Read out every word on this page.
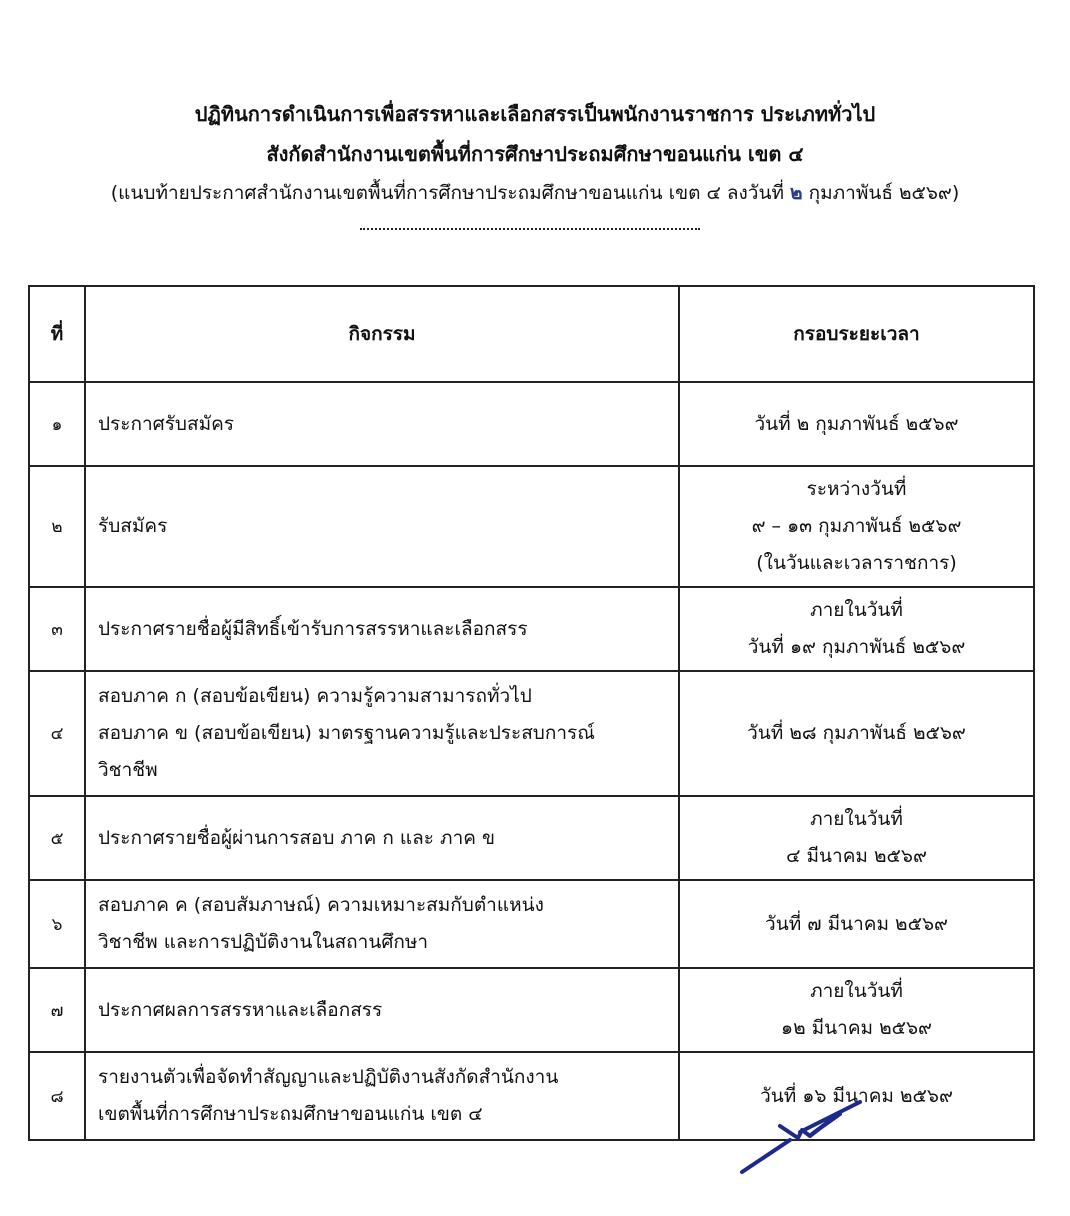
ปฏิทินการดำเนินการเพื่อสรรหาและเลือกสรรเป็นพนักงานราชการ ประเภททั่วไป
สังกัดสำนักงานเขตพื้นที่การศึกษาประถมศึกษาขอนแก่น เขต ๔
(แนบท้ายประกาศสำนักงานเขตพื้นที่การศึกษาประถมศึกษาขอนแก่น เขต ๔ ลงวันที่ ๒ กุมภาพันธ์ ๒๕๖๙)
ที่	กิจกรรม	กรอบระยะเวลา
๑	ประกาศรับสมัคร	วันที่ ๒ กุมภาพันธ์ ๒๕๖๙

๒	รับสมัคร	ระหว่างวันที่
๙ – ๑๓ กุมภาพันธ์ ๒๕๖๙
(ในวันและเวลาราชการ)

๓	ประกาศรายชื่อผู้มีสิทธิ์เข้ารับการสรรหาและเลือกสรร	ภายในวันที่
วันที่ ๑๙ กุมภาพันธ์ ๒๕๖๙

๔	สอบภาค ก (สอบข้อเขียน) ความรู้ความสามารถทั่วไป
สอบภาค ข (สอบข้อเขียน) มาตรฐานความรู้และประสบการณ์
วิชาชีพ	วันที่ ๒๘ กุมภาพันธ์ ๒๕๖๙

๕	ประกาศรายชื่อผู้ผ่านการสอบ ภาค ก และ ภาค ข	ภายในวันที่
๔ มีนาคม ๒๕๖๙

๖	สอบภาค ค (สอบสัมภาษณ์) ความเหมาะสมกับตำแหน่ง
วิชาชีพ และการปฏิบัติงานในสถานศึกษา	วันที่ ๗ มีนาคม ๒๕๖๙

๗	ประกาศผลการสรรหาและเลือกสรร	ภายในวันที่
๑๒ มีนาคม ๒๕๖๙

๘	รายงานตัวเพื่อจัดทำสัญญาและปฏิบัติงานสังกัดสำนักงาน
เขตพื้นที่การศึกษาประถมศึกษาขอนแก่น เขต ๔	วันที่ ๑๖ มีนาคม ๒๕๖๙
